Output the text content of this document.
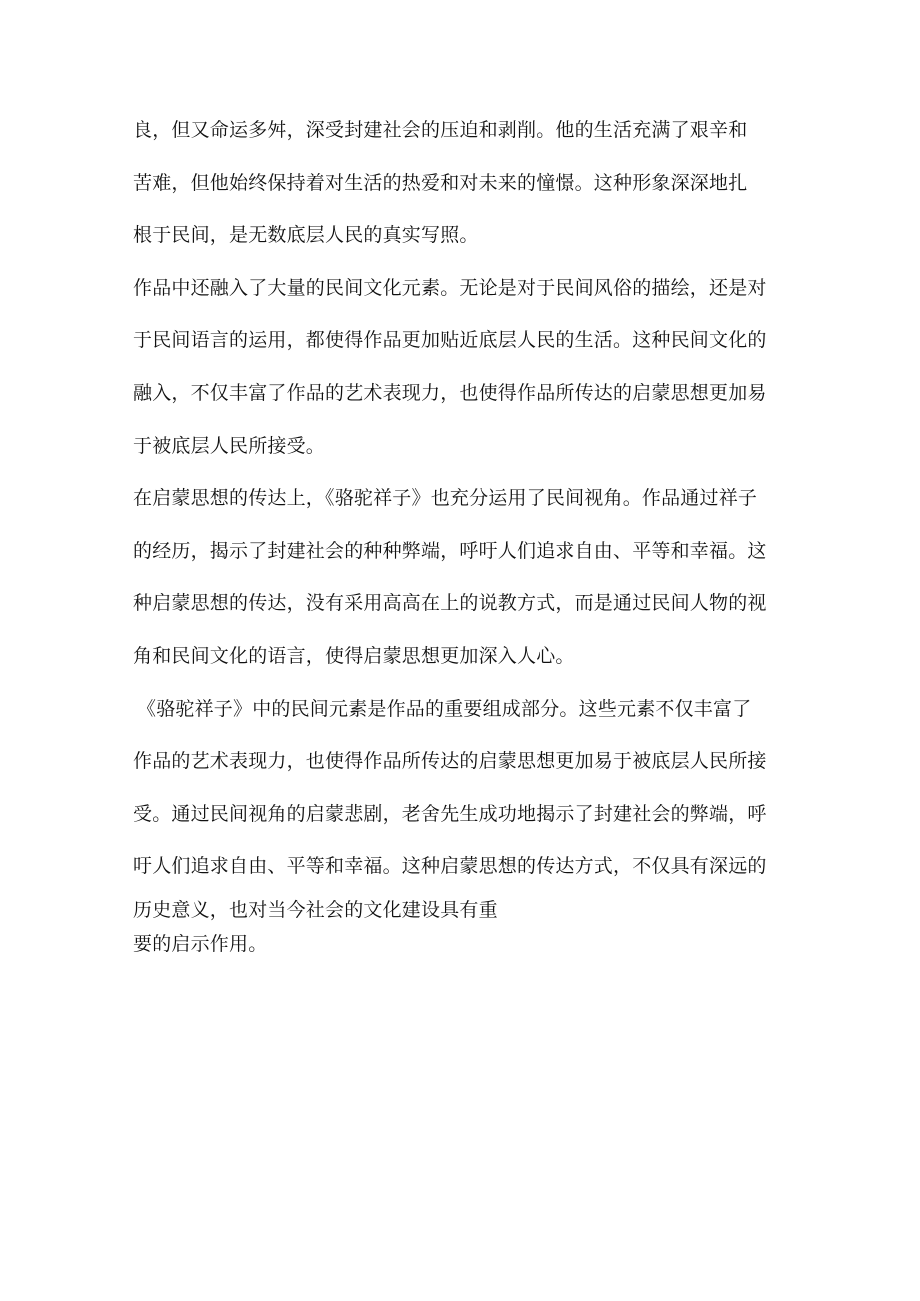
良，但又命运多舛，深受封建社会的压迫和剥削。他的生活充满了艰辛和
苦难，但他始终保持着对生活的热爱和对未来的憧憬。这种形象深深地扎
根于民间，是无数底层人民的真实写照。
作品中还融入了大量的民间文化元素。无论是对于民间风俗的描绘，还是对
于民间语言的运用，都使得作品更加贴近底层人民的生活。这种民间文化的
融入，不仅丰富了作品的艺术表现力，也使得作品所传达的启蒙思想更加易
于被底层人民所接受。
在启蒙思想的传达上，《骆驼祥子》也充分运用了民间视角。作品通过祥子
的经历，揭示了封建社会的种种弊端，呼吁人们追求自由、平等和幸福。这
种启蒙思想的传达，没有采用高高在上的说教方式，而是通过民间人物的视
角和民间文化的语言，使得启蒙思想更加深入人心。
《骆驼祥子》中的民间元素是作品的重要组成部分。这些元素不仅丰富了
作品的艺术表现力，也使得作品所传达的启蒙思想更加易于被底层人民所接
受。通过民间视角的启蒙悲剧，老舍先生成功地揭示了封建社会的弊端，呼
吁人们追求自由、平等和幸福。这种启蒙思想的传达方式，不仅具有深远的
历史意义，也对当今社会的文化建设具有重
要的启示作用。
